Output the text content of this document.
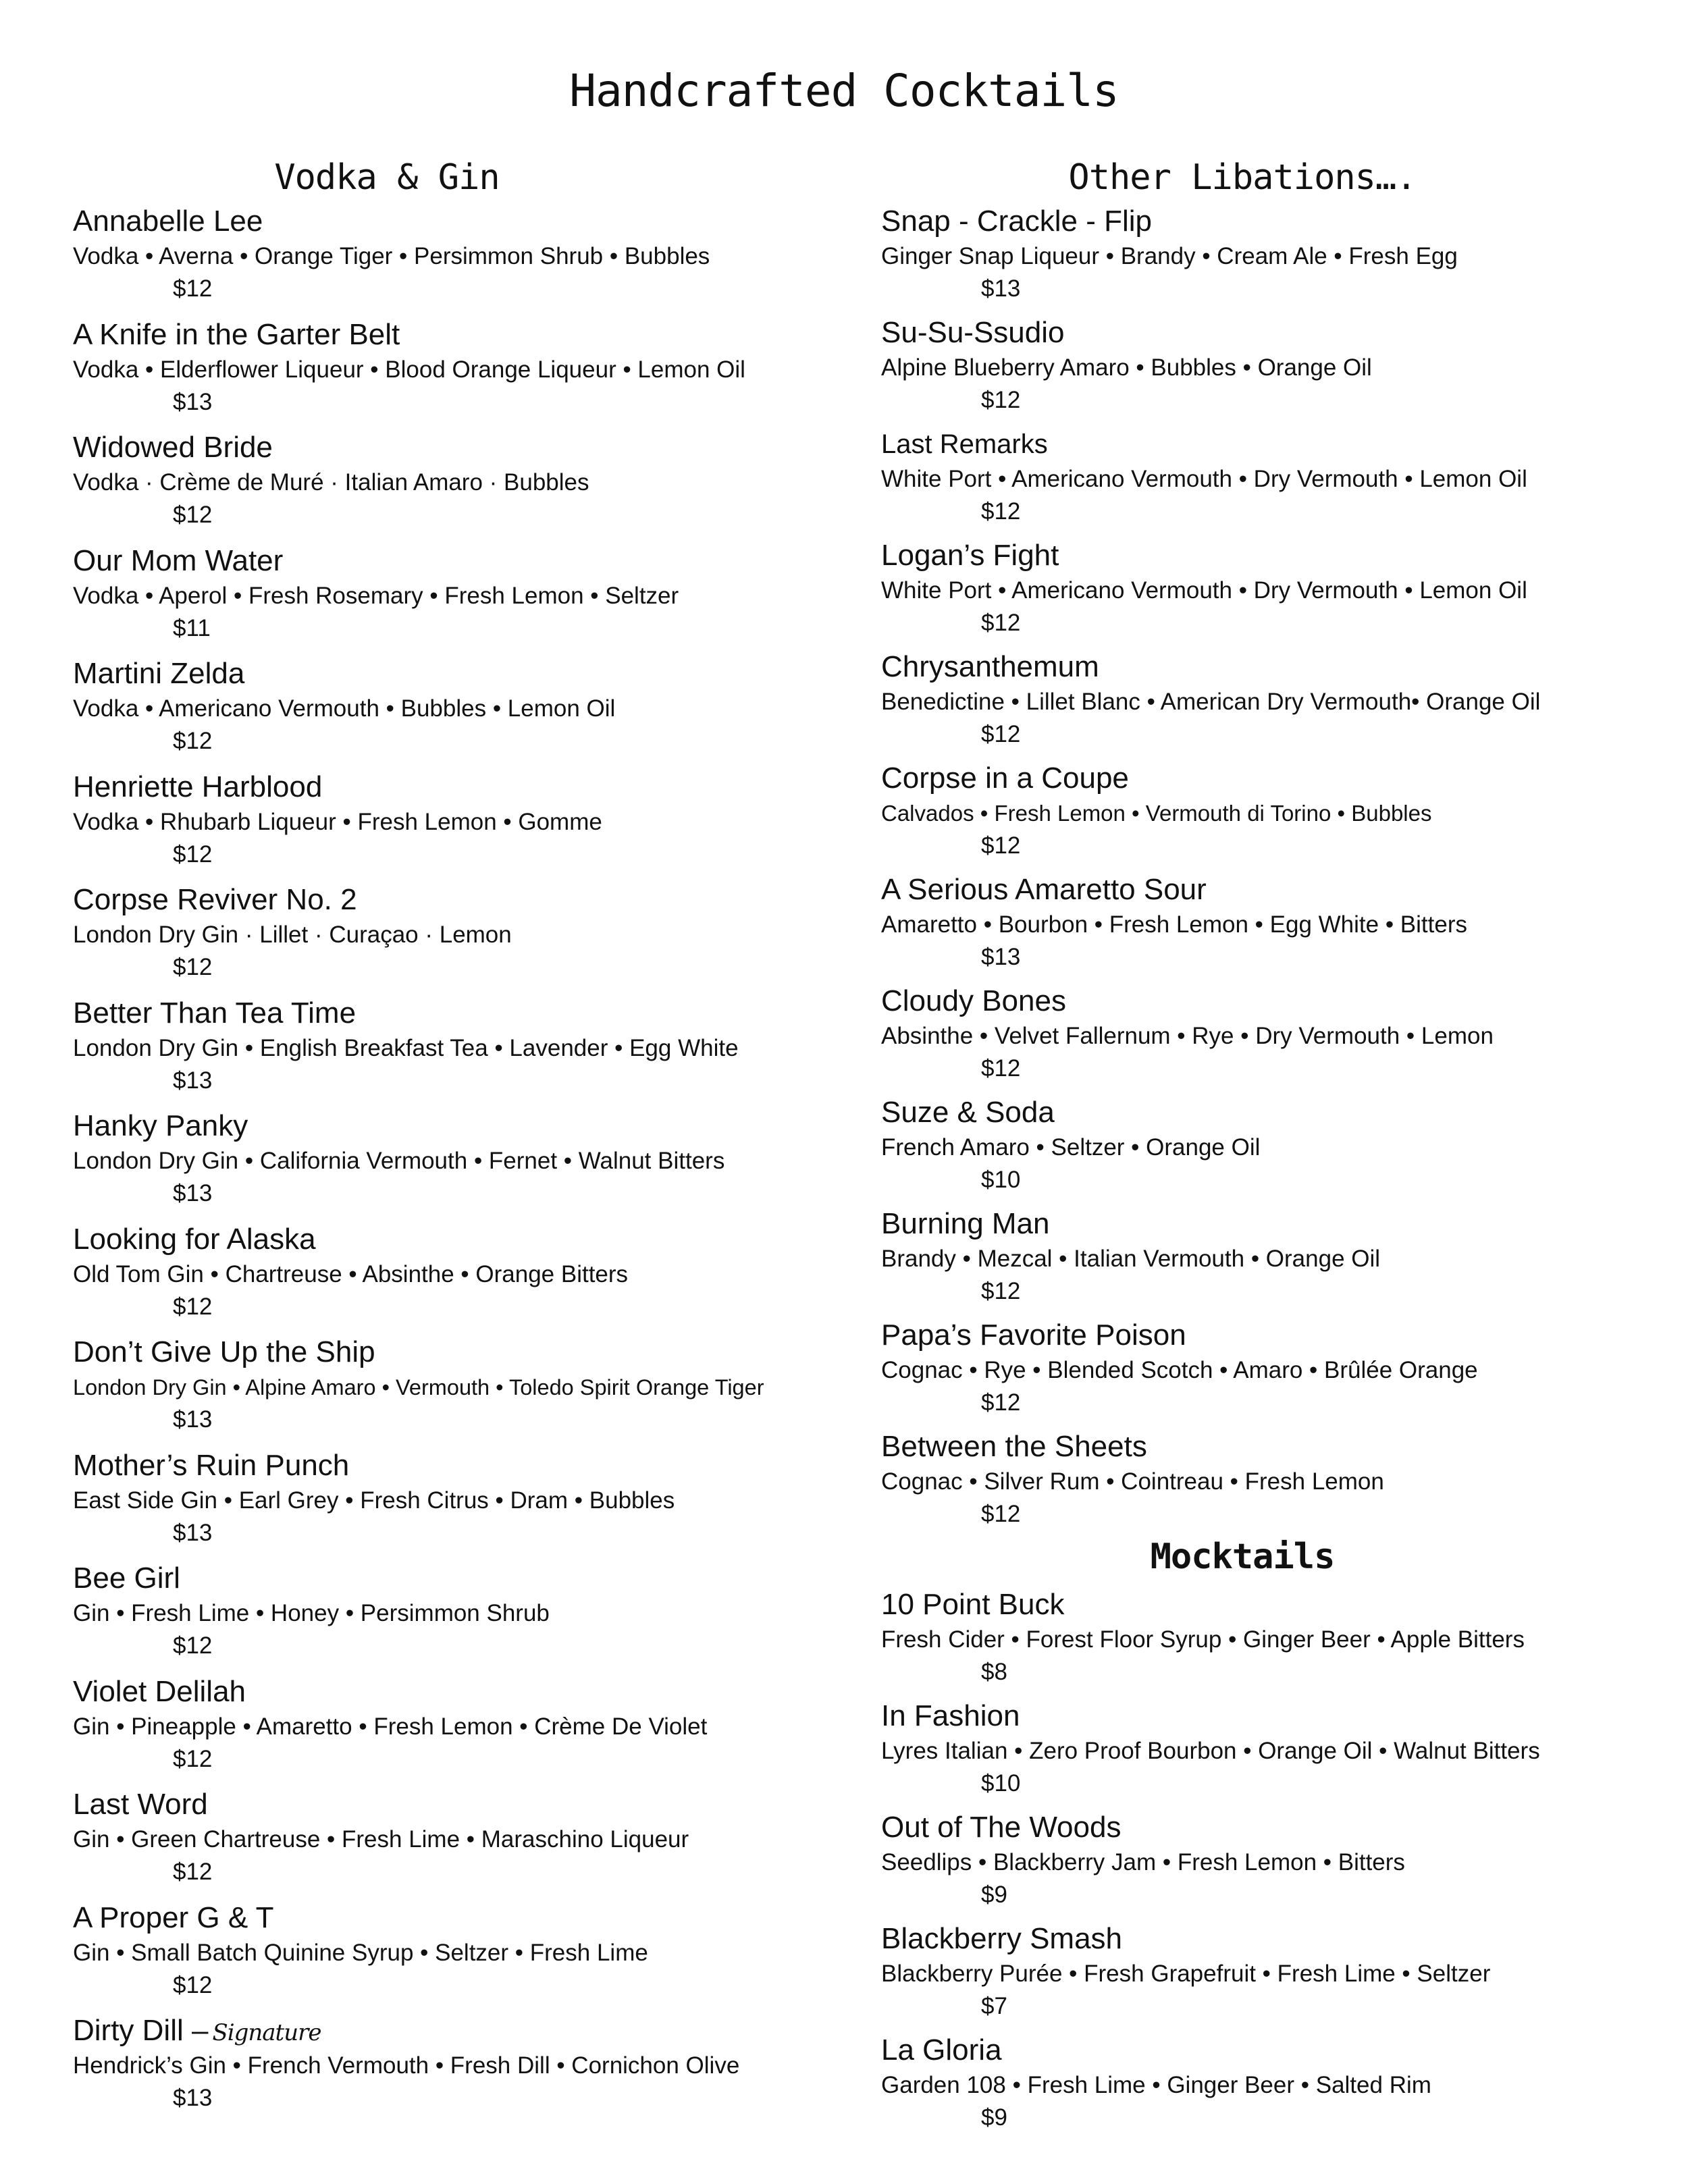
Handcrafted Cocktails
Vodka & Gin
Annabelle Lee
Vodka • Averna • Orange Tiger • Persimmon Shrub • Bubbles
$12
A Knife in the Garter Belt
Vodka • Elderflower Liqueur • Blood Orange Liqueur • Lemon Oil
$13
Widowed Bride
Vodka · Crème de Muré · Italian Amaro · Bubbles
$12
Our Mom Water
Vodka • Aperol • Fresh Rosemary • Fresh Lemon • Seltzer
$11
Martini Zelda
Vodka • Americano Vermouth • Bubbles • Lemon Oil
$12
Henriette Harblood
Vodka • Rhubarb Liqueur • Fresh Lemon • Gomme
$12
Corpse Reviver No. 2
London Dry Gin · Lillet · Curaçao · Lemon
$12
Better Than Tea Time
London Dry Gin • English Breakfast Tea • Lavender • Egg White
$13
Hanky Panky
London Dry Gin • California Vermouth • Fernet • Walnut Bitters
$13
Looking for Alaska
Old Tom Gin • Chartreuse • Absinthe • Orange Bitters
$12
Don’t Give Up the Ship
London Dry Gin • Alpine Amaro • Vermouth • Toledo Spirit Orange Tiger
$13
Mother’s Ruin Punch
East Side Gin • Earl Grey • Fresh Citrus • Dram • Bubbles
$13
Bee Girl
Gin • Fresh Lime • Honey • Persimmon Shrub
$12
Violet Delilah
Gin • Pineapple • Amaretto • Fresh Lemon • Crème De Violet
$12
Last Word
Gin • Green Chartreuse • Fresh Lime • Maraschino Liqueur
$12
A Proper G & T
Gin • Small Batch Quinine Syrup • Seltzer • Fresh Lime
$12
Dirty Dill – Signature
Hendrick’s Gin • French Vermouth • Fresh Dill • Cornichon Olive
$13
Other Libations….
Snap - Crackle - Flip
Ginger Snap Liqueur • Brandy • Cream Ale • Fresh Egg
$13
Su-Su-Ssudio
Alpine Blueberry Amaro • Bubbles • Orange Oil
$12
Last Remarks
White Port • Americano Vermouth • Dry Vermouth • Lemon Oil
$12
Logan’s Fight
White Port • Americano Vermouth • Dry Vermouth • Lemon Oil
$12
Chrysanthemum
Benedictine • Lillet Blanc • American Dry Vermouth• Orange Oil
$12
Corpse in a Coupe
Calvados • Fresh Lemon • Vermouth di Torino • Bubbles
$12
A Serious Amaretto Sour
Amaretto • Bourbon • Fresh Lemon • Egg White • Bitters
$13
Cloudy Bones
Absinthe • Velvet Fallernum • Rye • Dry Vermouth • Lemon
$12
Suze & Soda
French Amaro • Seltzer • Orange Oil
$10
Burning Man
Brandy • Mezcal • Italian Vermouth • Orange Oil
$12
Papa’s Favorite Poison
Cognac • Rye • Blended Scotch • Amaro • Brûlée Orange
$12
Between the Sheets
Cognac • Silver Rum • Cointreau • Fresh Lemon
$12
Mocktails
10 Point Buck
Fresh Cider • Forest Floor Syrup • Ginger Beer • Apple Bitters
$8
In Fashion
Lyres Italian • Zero Proof Bourbon • Orange Oil • Walnut Bitters
$10
Out of The Woods
Seedlips • Blackberry Jam • Fresh Lemon • Bitters
$9
Blackberry Smash
Blackberry Purée • Fresh Grapefruit • Fresh Lime • Seltzer
$7
La Gloria
Garden 108 • Fresh Lime • Ginger Beer • Salted Rim
$9
